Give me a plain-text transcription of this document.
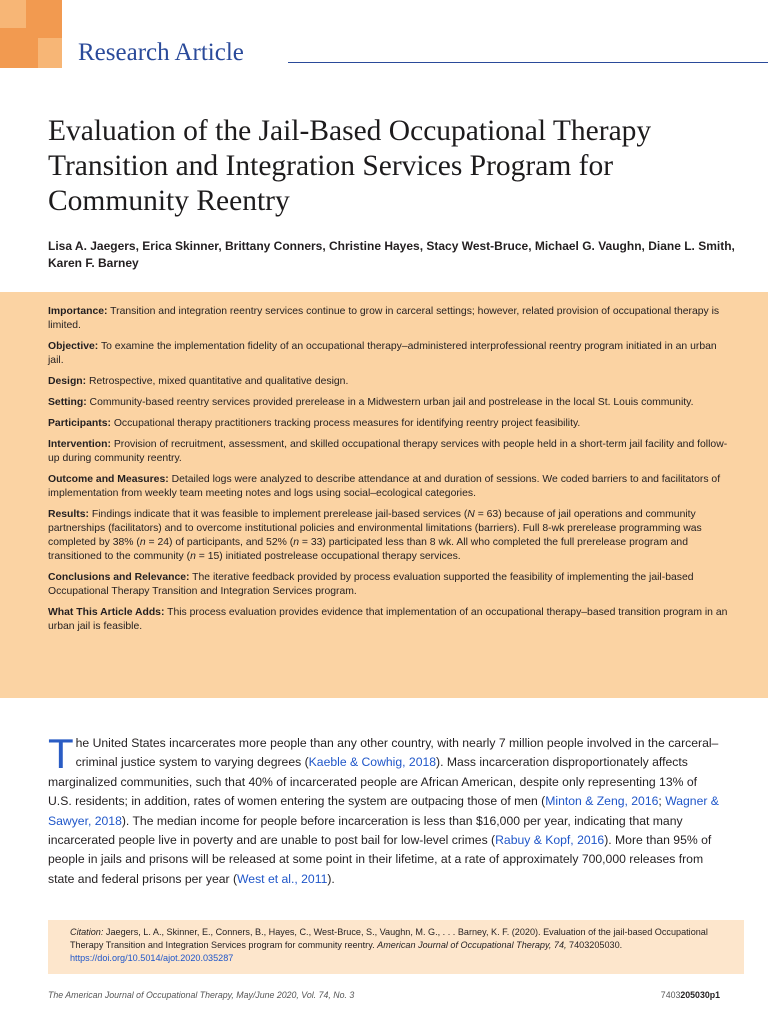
Research Article
Evaluation of the Jail-Based Occupational Therapy Transition and Integration Services Program for Community Reentry

Lisa A. Jaegers, Erica Skinner, Brittany Conners, Christine Hayes, Stacy West-Bruce, Michael G. Vaughn, Diane L. Smith, Karen F. Barney

Importance: Transition and integration reentry services continue to grow in carceral settings; however, related provision of occupational therapy is limited.

Objective: To examine the implementation fidelity of an occupational therapy–administered interprofessional reentry program initiated in an urban jail.

Design: Retrospective, mixed quantitative and qualitative design.

Setting: Community-based reentry services provided prerelease in a Midwestern urban jail and postrelease in the local St. Louis community.

Participants: Occupational therapy practitioners tracking process measures for identifying reentry project feasibility.

Intervention: Provision of recruitment, assessment, and skilled occupational therapy services with people held in a short-term jail facility and follow-up during community reentry.

Outcome and Measures: Detailed logs were analyzed to describe attendance at and duration of sessions. We coded barriers to and facilitators of implementation from weekly team meeting notes and logs using social–ecological categories.

Results: Findings indicate that it was feasible to implement prerelease jail-based services (N = 63) because of jail operations and community partnerships (facilitators) and to overcome institutional policies and environmental limitations (barriers). Full 8-wk prerelease programming was completed by 38% (n = 24) of participants, and 52% (n = 33) participated less than 8 wk. All who completed the full prerelease program and transitioned to the community (n = 15) initiated postrelease occupational therapy services.

Conclusions and Relevance: The iterative feedback provided by process evaluation supported the feasibility of implementing the jail-based Occupational Therapy Transition and Integration Services program.

What This Article Adds: This process evaluation provides evidence that implementation of an occupational therapy–based transition program in an urban jail is feasible.

The United States incarcerates more people than any other country, with nearly 7 million people involved in the carceral–criminal justice system to varying degrees (Kaeble & Cowhig, 2018). Mass incarceration disproportionately affects marginalized communities, such that 40% of incarcerated people are African American, despite only representing 13% of U.S. residents; in addition, rates of women entering the system are outpacing those of men (Minton & Zeng, 2016; Wagner & Sawyer, 2018). The median income for people before incarceration is less than $16,000 per year, indicating that many incarcerated people live in poverty and are unable to post bail for low-level crimes (Rabuy & Kopf, 2016). More than 95% of people in jails and prisons will be released at some point in their lifetime, at a rate of approximately 700,000 releases from state and federal prisons per year (West et al., 2011).

Citation: Jaegers, L. A., Skinner, E., Conners, B., Hayes, C., West-Bruce, S., Vaughn, M. G., . . . Barney, K. F. (2020). Evaluation of the jail-based Occupational Therapy Transition and Integration Services program for community reentry. American Journal of Occupational Therapy, 74, 7403205030. https://doi.org/10.5014/ajot.2020.035287
The American Journal of Occupational Therapy, May/June 2020, Vol. 74, No. 3	7403205030p1
